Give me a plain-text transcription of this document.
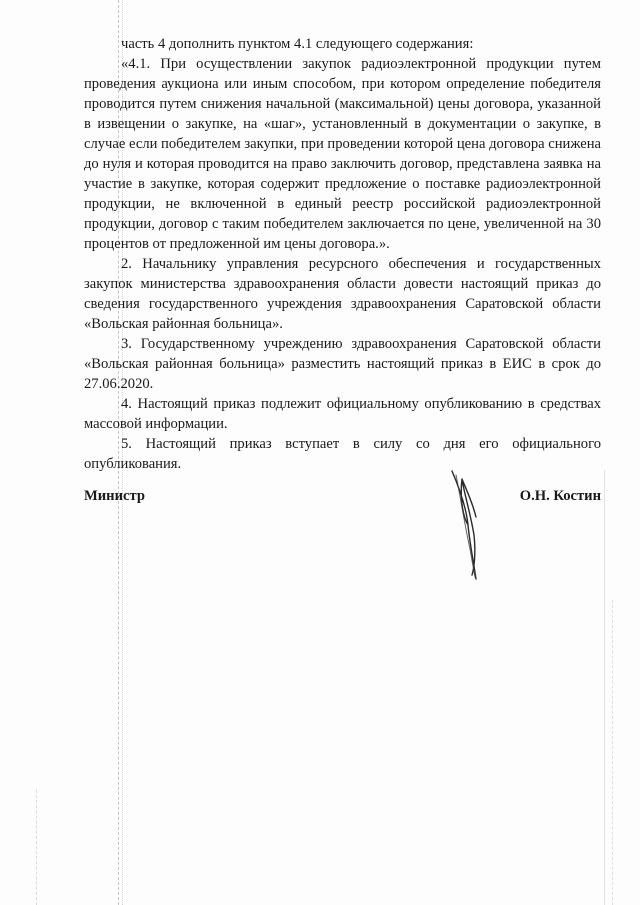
часть 4 дополнить пунктом 4.1 следующего содержания:

«4.1. При осуществлении закупок радиоэлектронной продукции путем проведения аукциона или иным способом, при котором определение победителя проводится путем снижения начальной (максимальной) цены договора, указанной в извещении о закупке, на «шаг», установленный в документации о закупке, в случае если победителем закупки, при проведении которой цена договора снижена до нуля и которая проводится на право заключить договор, представлена заявка на участие в закупке, которая содержит предложение о поставке радиоэлектронной продукции, не включенной в единый реестр российской радиоэлектронной продукции, договор с таким победителем заключается по цене, увеличенной на 30 процентов от предложенной им цены договора.».

2. Начальнику управления ресурсного обеспечения и государственных закупок министерства здравоохранения области довести настоящий приказ до сведения государственного учреждения здравоохранения Саратовской области «Вольская районная больница».

3. Государственному учреждению здравоохранения Саратовской области «Вольская районная больница» разместить настоящий приказ в ЕИС в срок до 27.06.2020.

4. Настоящий приказ подлежит официальному опубликованию в средствах массовой информации.

5. Настоящий приказ вступает в силу со дня его официального опубликования.

Министр	О.Н. Костин
